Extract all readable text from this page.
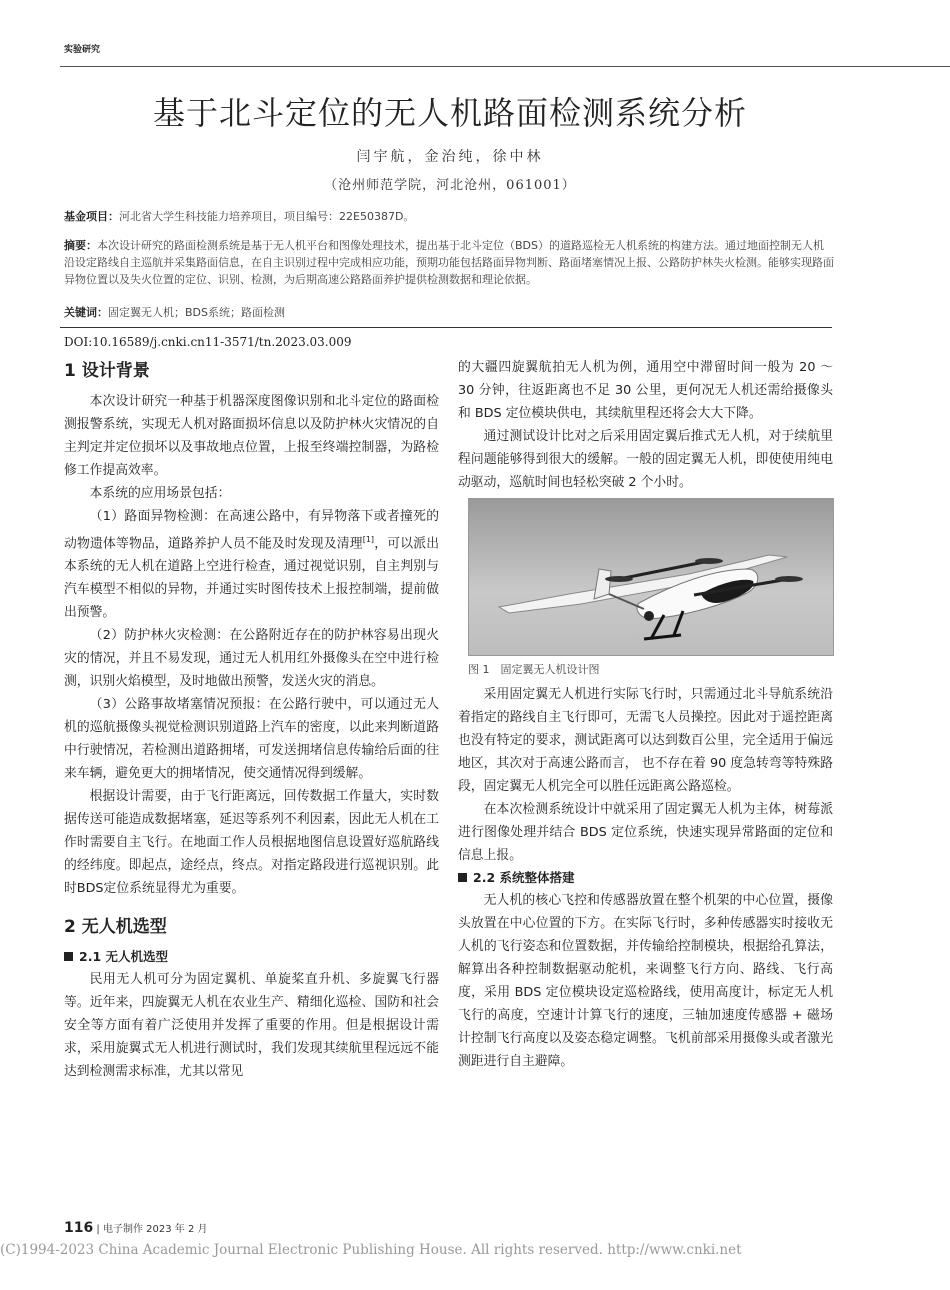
实验研究
基于北斗定位的无人机路面检测系统分析
闫宇航，金治纯，徐中林
（沧州师范学院，河北沧州，061001）
基金项目：河北省大学生科技能力培养项目，项目编号：22E50387D。
摘要：本次设计研究的路面检测系统是基于无人机平台和图像处理技术，提出基于北斗定位（BDS）的道路巡检无人机系统的构建方法。通过地面控制无人机沿设定路线自主巡航并采集路面信息，在自主识别过程中完成相应功能，预期功能包括路面异物判断、路面堵塞情况上报、公路防护林失火检测。能够实现路面异物位置以及失火位置的定位、识别、检测，为后期高速公路路面养护提供检测数据和理论依据。
关键词：固定翼无人机；BDS系统；路面检测
DOI:10.16589/j.cnki.cn11-3571/tn.2023.03.009
1 设计背景

本次设计研究一种基于机器深度图像识别和北斗定位的路面检测报警系统，实现无人机对路面损坏信息以及防护林火灾情况的自主判定并定位损坏以及事故地点位置，上报至终端控制器，为路检修工作提高效率。

本系统的应用场景包括：

（1）路面异物检测：在高速公路中，有异物落下或者撞死的动物遗体等物品，道路养护人员不能及时发现及清理[1]，可以派出本系统的无人机在道路上空进行检查，通过视觉识别，自主判别与汽车模型不相似的异物，并通过实时图传技术上报控制端，提前做出预警。

（2）防护林火灾检测：在公路附近存在的防护林容易出现火灾的情况，并且不易发现，通过无人机用红外摄像头在空中进行检测，识别火焰模型，及时地做出预警，发送火灾的消息。

（3）公路事故堵塞情况预报：在公路行驶中，可以通过无人机的巡航摄像头视觉检测识别道路上汽车的密度，以此来判断道路中行驶情况，若检测出道路拥堵，可发送拥堵信息传输给后面的往来车辆，避免更大的拥堵情况，使交通情况得到缓解。

根据设计需要，由于飞行距离远，回传数据工作量大，实时数据传送可能造成数据堵塞，延迟等系列不利因素，因此无人机在工作时需要自主飞行。在地面工作人员根据地图信息设置好巡航路线的经纬度。即起点，途经点，终点。对指定路段进行巡视识别。此时BDS定位系统显得尤为重要。

2 无人机选型
2.1 无人机选型

民用无人机可分为固定翼机、单旋桨直升机、多旋翼飞行器等。近年来，四旋翼无人机在农业生产、精细化巡检、国防和社会安全等方面有着广泛使用并发挥了重要的作用。但是根据设计需求，采用旋翼式无人机进行测试时，我们发现其续航里程远远不能达到检测需求标准，尤其以常见

的大疆四旋翼航拍无人机为例，通用空中滞留时间一般为 20 ～ 30 分钟，往返距离也不足 30 公里，更何况无人机还需给摄像头和 BDS 定位模块供电，其续航里程还将会大大下降。

通过测试设计比对之后采用固定翼后推式无人机，对于续航里程问题能够得到很大的缓解。一般的固定翼无人机，即使使用纯电动驱动，巡航时间也轻松突破 2 个小时。

图 1　固定翼无人机设计图

采用固定翼无人机进行实际飞行时，只需通过北斗导航系统沿着指定的路线自主飞行即可，无需飞人员操控。因此对于遥控距离也没有特定的要求，测试距离可以达到数百公里，完全适用于偏远地区，其次对于高速公路而言， 也不存在着 90 度急转弯等特殊路段，固定翼无人机完全可以胜任远距离公路巡检。

在本次检测系统设计中就采用了固定翼无人机为主体，树莓派进行图像处理并结合 BDS 定位系统，快速实现异常路面的定位和信息上报。

2.2 系统整体搭建

无人机的核心飞控和传感器放置在整个机架的中心位置，摄像头放置在中心位置的下方。在实际飞行时，多种传感器实时接收无人机的飞行姿态和位置数据，并传输给控制模块，根据给孔算法，解算出各种控制数据驱动舵机，来调整飞行方向、路线、飞行高度，采用 BDS 定位模块设定巡检路线，使用高度计，标定无人机飞行的高度，空速计计算飞行的速度，三轴加速度传感器 + 磁场计控制飞行高度以及姿态稳定调整。飞机前部采用摄像头或者激光测距进行自主避障。

116 | 电子制作 2023 年 2 月
(C)1994-2023 China Academic Journal Electronic Publishing House. All rights reserved. http://www.cnki.net
